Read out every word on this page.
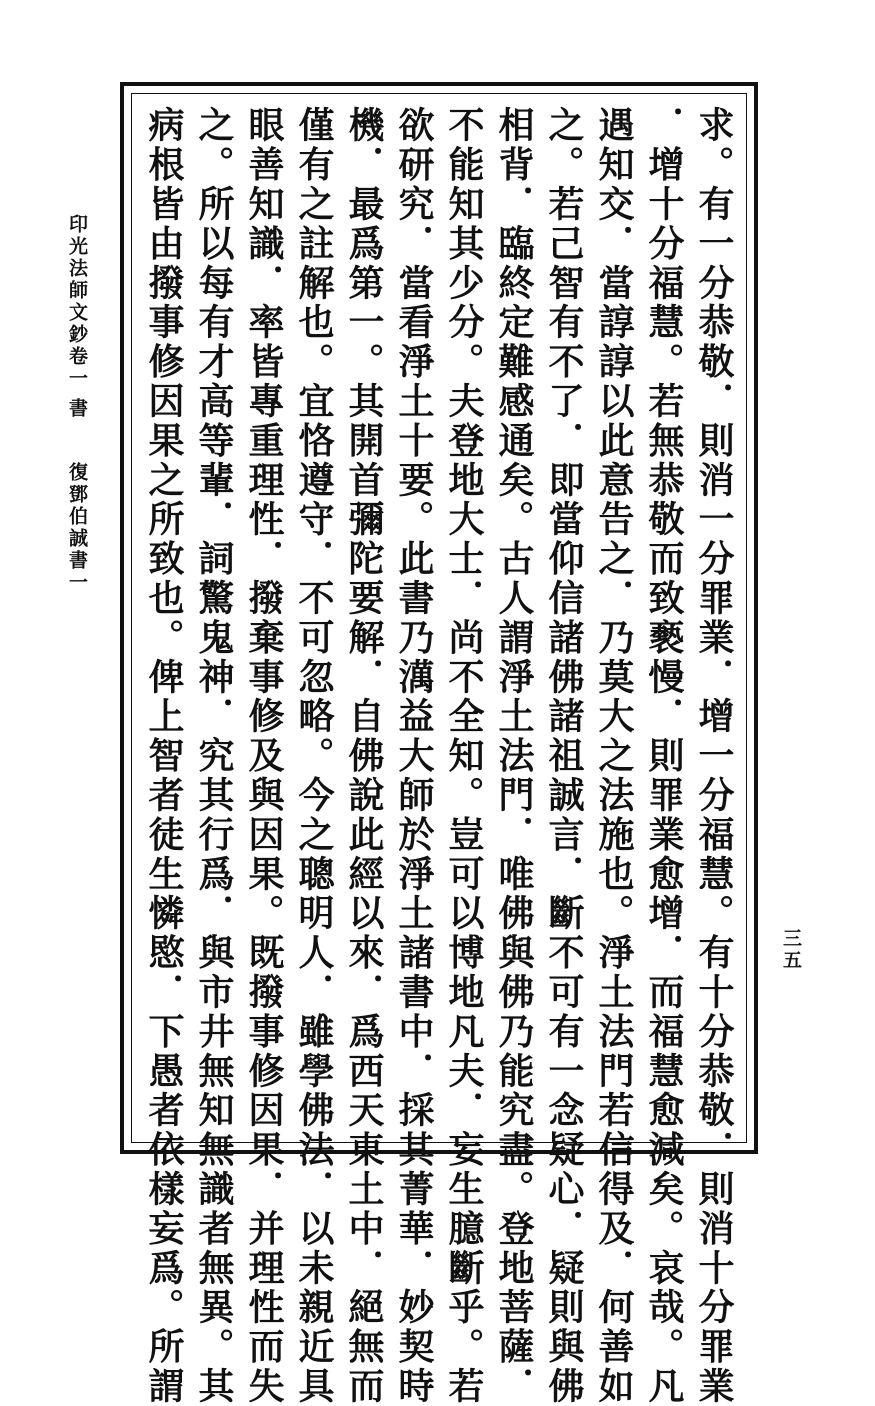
求。有一分恭敬．則消一分罪業．增一分福慧。有十分恭敬．則消十分罪業
．增十分福慧。若無恭敬而致褻慢．則罪業愈增．而福慧愈減矣。哀哉。凡
遇知交．當諄諄以此意告之．乃莫大之法施也。淨土法門若信得及．何善如
之。若己智有不了．即當仰信諸佛諸祖誠言．斷不可有一念疑心．疑則與佛
相背．臨終定難感通矣。古人謂淨土法門．唯佛與佛乃能究盡。登地菩薩．
不能知其少分。夫登地大士．尚不全知。豈可以博地凡夫．妄生臆斷乎。若
欲研究．當看淨土十要。此書乃澫益大師於淨土諸書中．採其菁華．妙契時
機．最爲第一。其開首彌陀要解．自佛說此經以來．爲西天東土中．絕無而
僅有之註解也。宜恪遵守．不可忽略。今之聰明人．雖學佛法．以未親近具
眼善知識．率皆專重理性．撥棄事修及與因果。既撥事修因果．并理性而失
之。所以每有才高等輩．詞驚鬼神．究其行爲．與市井無知無識者無異。其
病根皆由撥事修因果之所致也。俾上智者徒生憐愍．下愚者依樣妄爲。所謂
印光法師文鈔卷一
書
復鄧伯誠書一
三五
